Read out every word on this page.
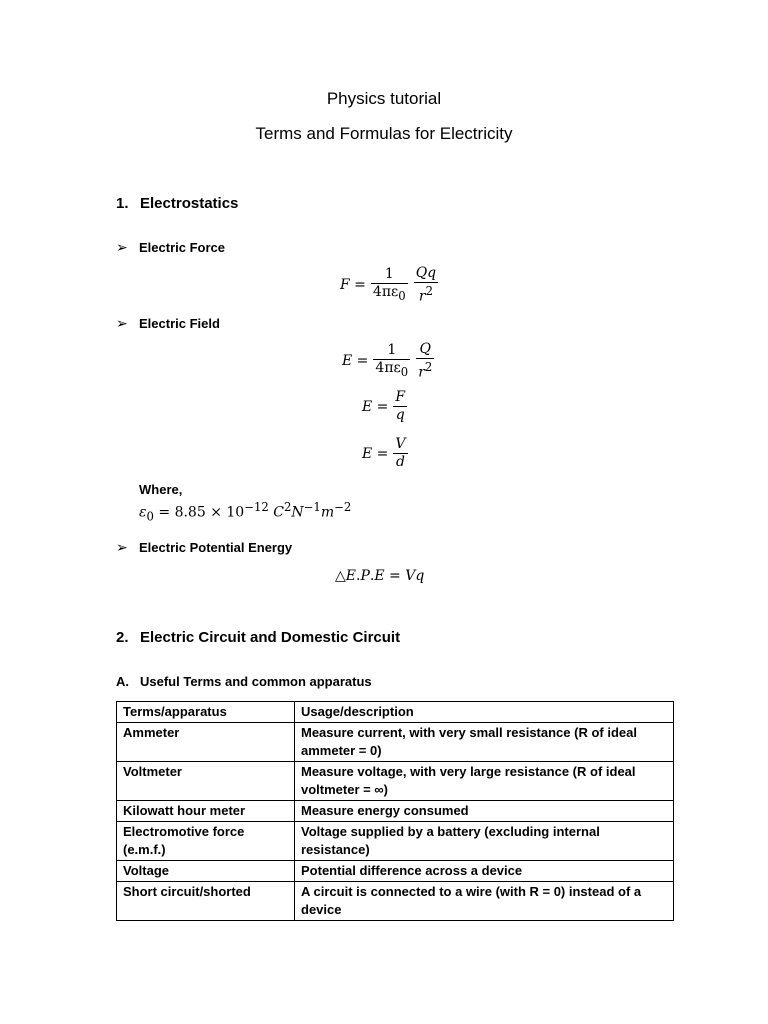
Physics tutorial
Terms and Formulas for Electricity
1. Electrostatics
➢ Electric Force
$F = \frac{1}{4\pi\varepsilon_0} \frac{Qq}{r^2}$
➢ Electric Field
$E = \frac{1}{4\pi\varepsilon_0} \frac{Q}{r^2}$
$E = \frac{F}{q}$
$E = \frac{V}{d}$
Where,
$\varepsilon_0 = 8.85 \times 10^{-12}$ $C^2N^{-1}m^{-2}$
➢ Electric Potential Energy
△E.P.E = Vq
2. Electric Circuit and Domestic Circuit
A. Useful Terms and common apparatus
Terms/apparatus	Usage/description
Ammeter	Measure current, with very small resistance (R of ideal ammeter = 0)
Voltmeter	Measure voltage, with very large resistance (R of ideal voltmeter = ∞)
Kilowatt hour meter	Measure energy consumed
Electromotive force (e.m.f.)	Voltage supplied by a battery (excluding internal resistance)
Voltage	Potential difference across a device
Short circuit/shorted	A circuit is connected to a wire (with R = 0) instead of a device
